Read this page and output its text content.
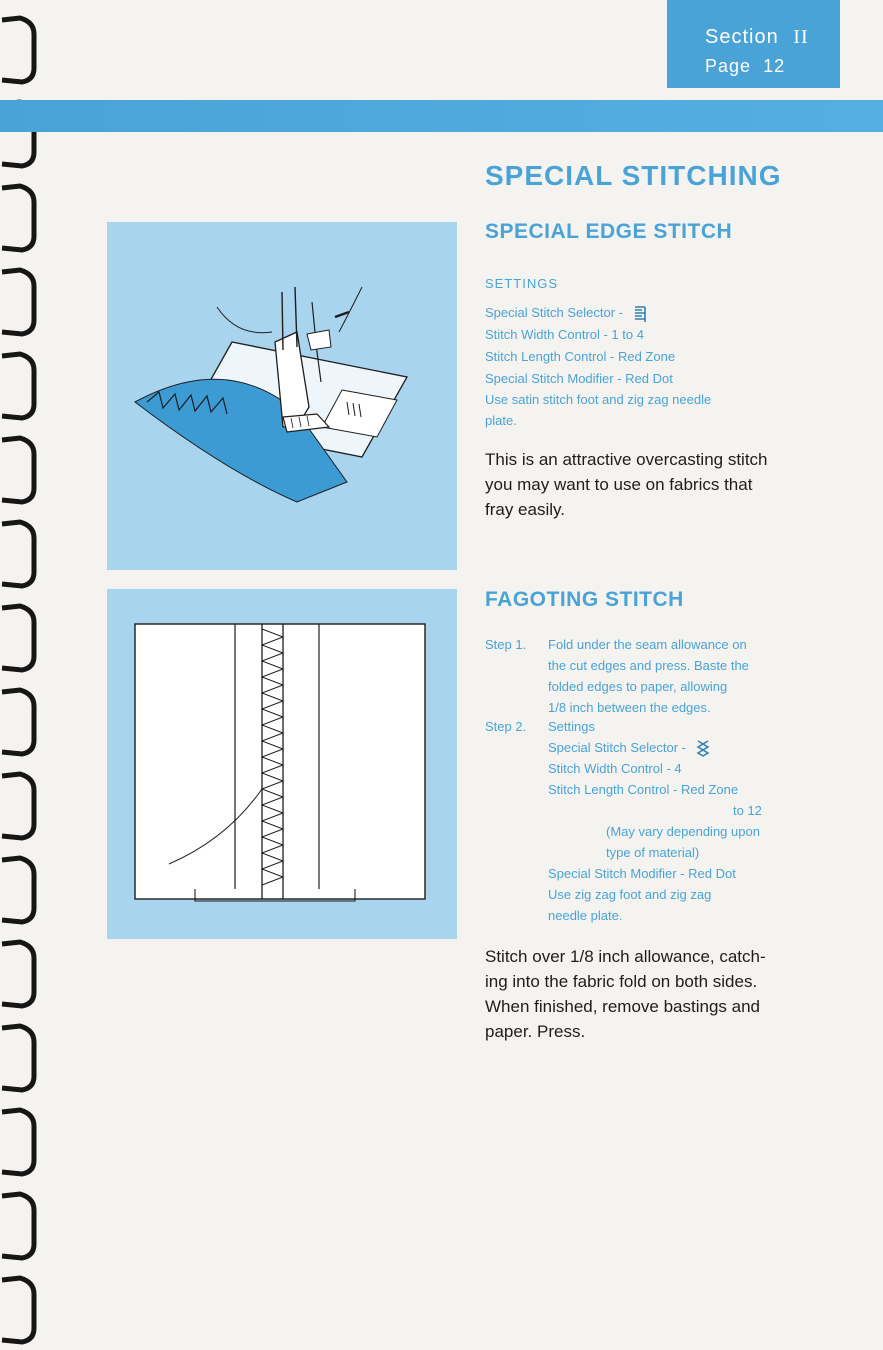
Section II
Page 12
SPECIAL STITCHING
SPECIAL EDGE STITCH
SETTINGS
Special Stitch Selector -
Stitch Width Control - 1 to 4
Stitch Length Control - Red Zone
Special Stitch Modifier - Red Dot
Use satin stitch foot and zig zag needle
plate.
This is an attractive overcasting stitch
you may want to use on fabrics that
fray easily.
FAGOTING STITCH
Step 1. Fold under the seam allowance on
the cut edges and press. Baste the
folded edges to paper, allowing
1/8 inch between the edges.
Step 2. Settings
Special Stitch Selector -
Stitch Width Control - 4
Stitch Length Control - Red Zone
to 12
(May vary depending upon
type of material)
Special Stitch Modifier - Red Dot
Use zig zag foot and zig zag
needle plate.
Stitch over 1/8 inch allowance, catch-
ing into the fabric fold on both sides.
When finished, remove bastings and
paper. Press.
